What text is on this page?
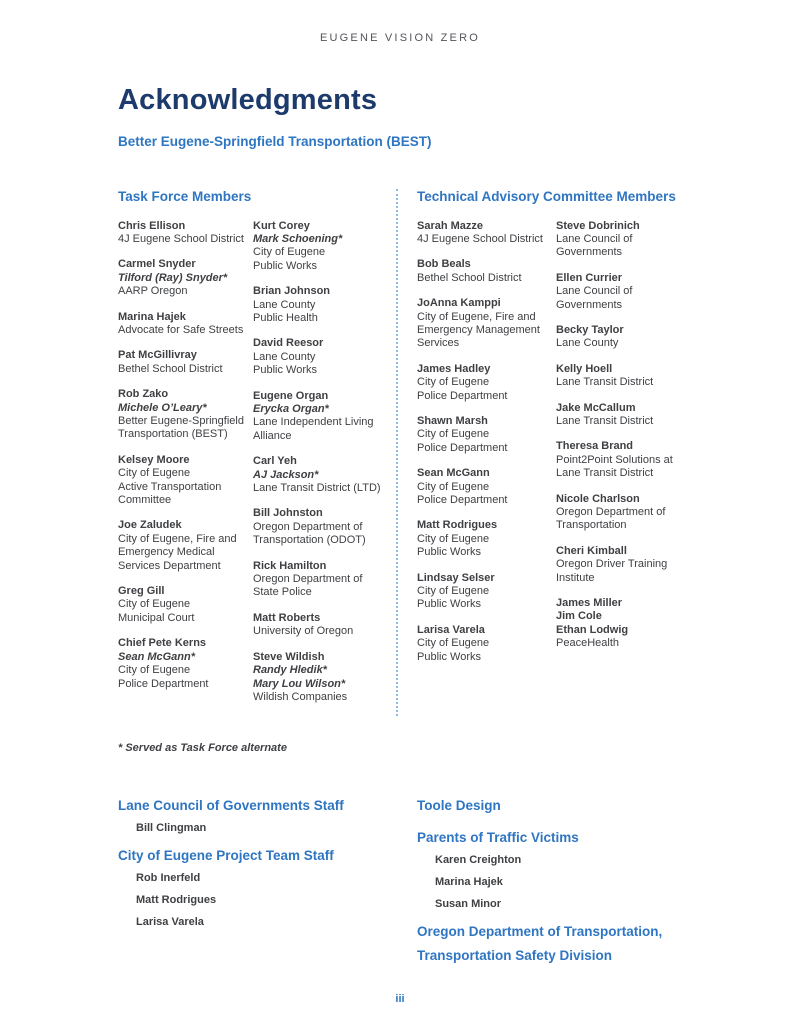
EUGENE VISION ZERO
Acknowledgments
Better Eugene-Springfield Transportation (BEST)
Task Force Members
Chris Ellison
4J Eugene School District
Carmel Snyder
Tilford (Ray) Snyder*
AARP Oregon
Marina Hajek
Advocate for Safe Streets
Pat McGillivray
Bethel School District
Rob Zako
Michele O’Leary*
Better Eugene-Springfield Transportation (BEST)
Kelsey Moore
City of Eugene
Active Transportation Committee
Joe Zaludek
City of Eugene, Fire and Emergency Medical Services Department
Greg Gill
City of Eugene
Municipal Court
Chief Pete Kerns
Sean McGann*
City of Eugene
Police Department
Kurt Corey
Mark Schoening*
City of Eugene
Public Works
Brian Johnson
Lane County
Public Health
David Reesor
Lane County
Public Works
Eugene Organ
Erycka Organ*
Lane Independent Living Alliance
Carl Yeh
AJ Jackson*
Lane Transit District (LTD)
Bill Johnston
Oregon Department of Transportation (ODOT)
Rick Hamilton
Oregon Department of State Police
Matt Roberts
University of Oregon
Steve Wildish
Randy Hledik*
Mary Lou Wilson*
Wildish Companies
Technical Advisory Committee Members
Sarah Mazze
4J Eugene School District
Bob Beals
Bethel School District
JoAnna Kamppi
City of Eugene, Fire and Emergency Management Services
James Hadley
City of Eugene
Police Department
Shawn Marsh
City of Eugene
Police Department
Sean McGann
City of Eugene
Police Department
Matt Rodrigues
City of Eugene
Public Works
Lindsay Selser
City of Eugene
Public Works
Larisa Varela
City of Eugene
Public Works
Steve Dobrinich
Lane Council of Governments
Ellen Currier
Lane Council of Governments
Becky Taylor
Lane County
Kelly Hoell
Lane Transit District
Jake McCallum
Lane Transit District
Theresa Brand
Point2Point Solutions at Lane Transit District
Nicole Charlson
Oregon Department of Transportation
Cheri Kimball
Oregon Driver Training Institute
James Miller
Jim Cole
Ethan Lodwig
PeaceHealth
* Served as Task Force alternate
Lane Council of Governments Staff
Bill Clingman
City of Eugene Project Team Staff
Rob Inerfeld
Matt Rodrigues
Larisa Varela
Toole Design
Parents of Traffic Victims
Karen Creighton
Marina Hajek
Susan Minor
Oregon Department of Transportation, Transportation Safety Division
iii
